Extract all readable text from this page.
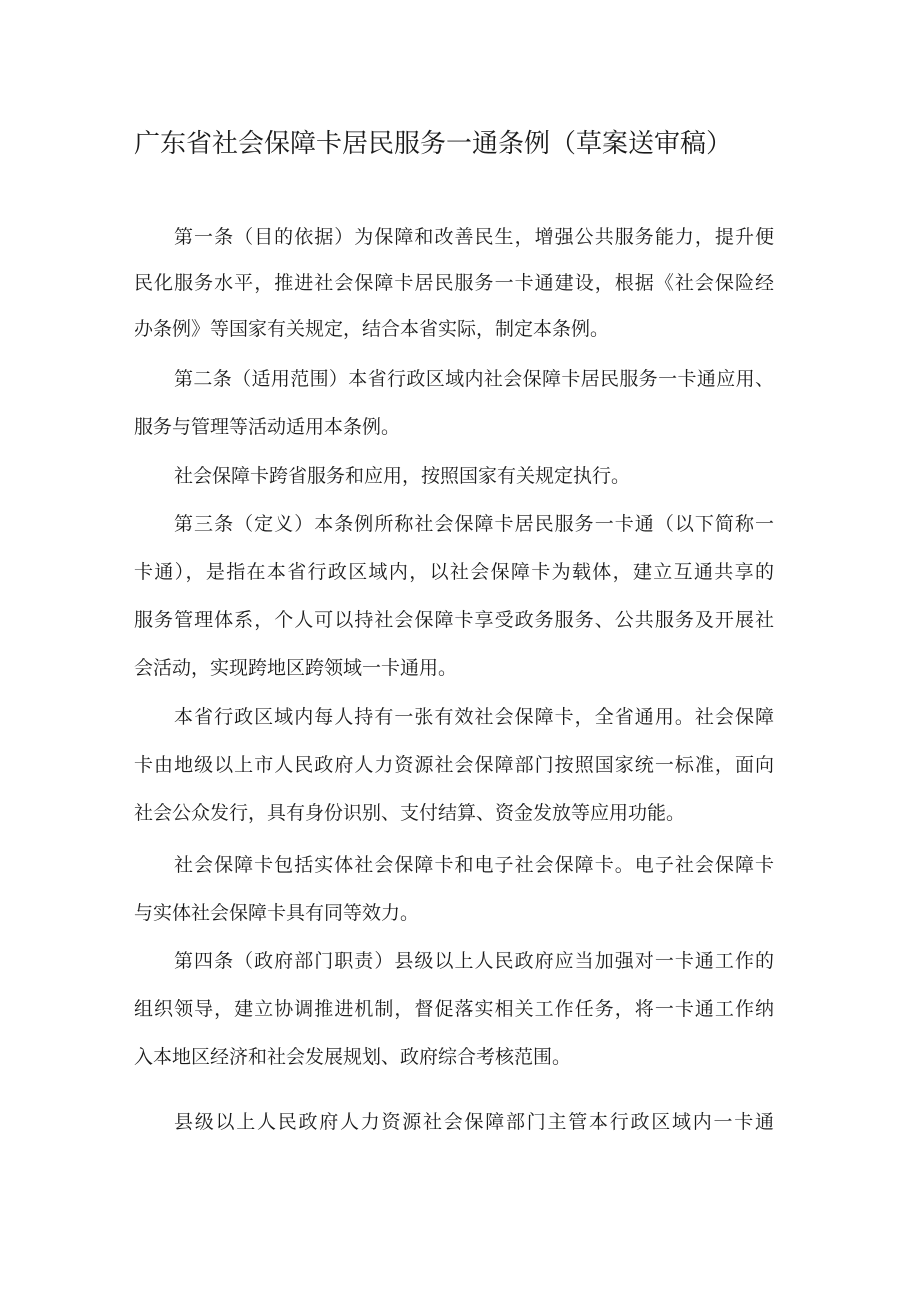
广东省社会保障卡居民服务一通条例（草案送审稿）

第一条（目的依据）为保障和改善民生，增强公共服务能力，提升便

民化服务水平，推进社会保障卡居民服务一卡通建设，根据《社会保险经

办条例》等国家有关规定，结合本省实际，制定本条例。

第二条（适用范围）本省行政区域内社会保障卡居民服务一卡通应用、

服务与管理等活动适用本条例。

社会保障卡跨省服务和应用，按照国家有关规定执行。

第三条（定义）本条例所称社会保障卡居民服务一卡通（以下简称一

卡通），是指在本省行政区域内，以社会保障卡为载体，建立互通共享的

服务管理体系，个人可以持社会保障卡享受政务服务、公共服务及开展社

会活动，实现跨地区跨领域一卡通用。

本省行政区域内每人持有一张有效社会保障卡，全省通用。社会保障

卡由地级以上市人民政府人力资源社会保障部门按照国家统一标准，面向

社会公众发行，具有身份识别、支付结算、资金发放等应用功能。

社会保障卡包括实体社会保障卡和电子社会保障卡。电子社会保障卡

与实体社会保障卡具有同等效力。

第四条（政府部门职责）县级以上人民政府应当加强对一卡通工作的

组织领导，建立协调推进机制，督促落实相关工作任务，将一卡通工作纳

入本地区经济和社会发展规划、政府综合考核范围。

县级以上人民政府人力资源社会保障部门主管本行政区域内一卡通
